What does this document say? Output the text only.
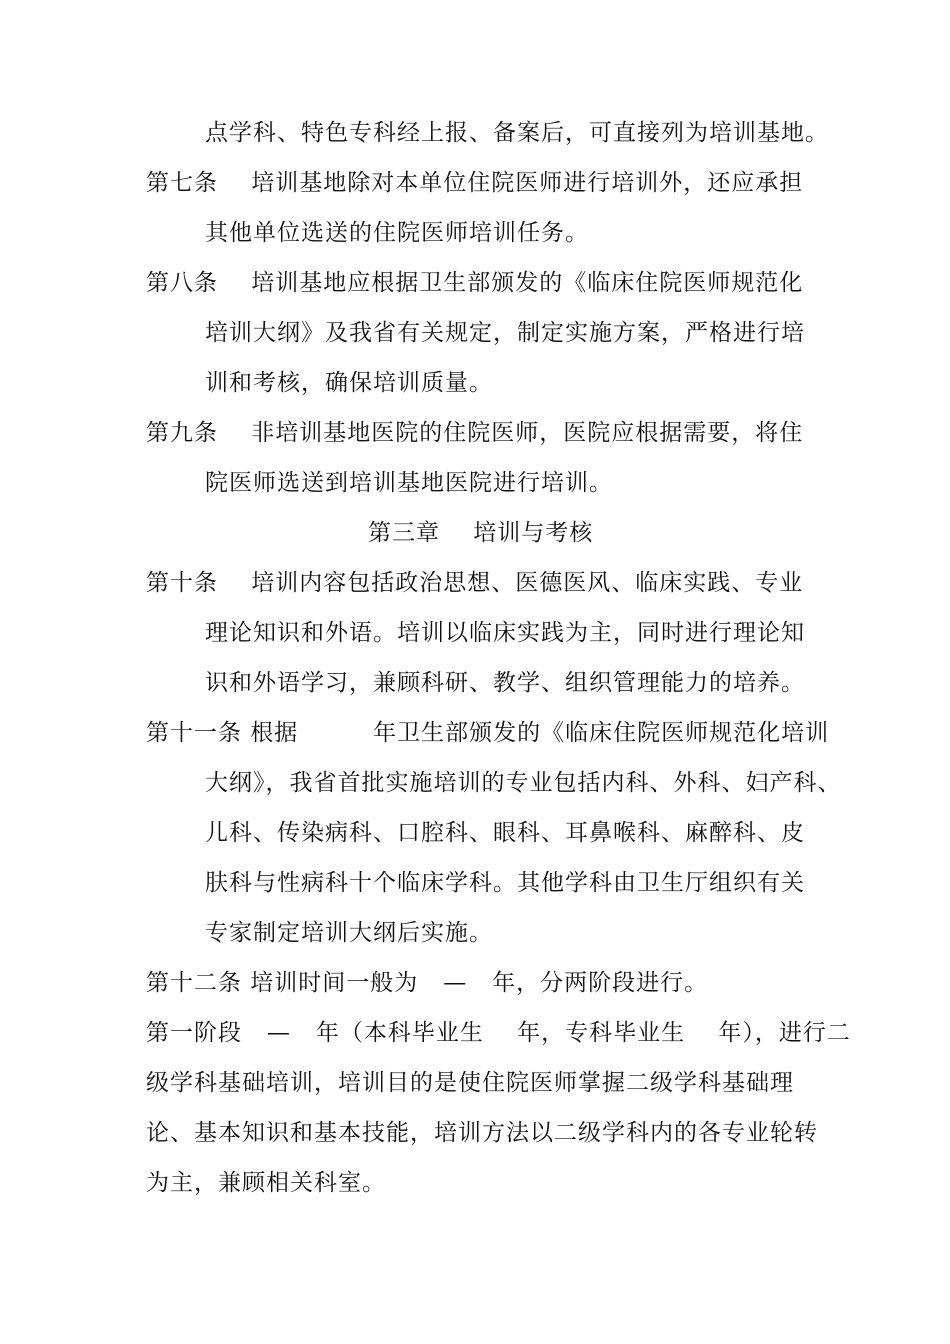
点学科、特色专科经上报、备案后，可直接列为培训基地。
第七条    培训基地除对本单位住院医师进行培训外，还应承担
其他单位选送的住院医师培训任务。
第八条    培训基地应根据卫生部颁发的《临床住院医师规范化
培训大纲》及我省有关规定，制定实施方案，严格进行培
训和考核，确保培训质量。
第九条    非培训基地医院的住院医师，医院应根据需要，将住
院医师选送到培训基地医院进行培训。
第三章    培训与考核
第十条    培训内容包括政治思想、医德医风、临床实践、专业
理论知识和外语。培训以临床实践为主，同时进行理论知
识和外语学习，兼顾科研、教学、组织管理能力的培养。
第十一条 根据         年卫生部颁发的《临床住院医师规范化培训
大纲》，我省首批实施培训的专业包括内科、外科、妇产科、
儿科、传染病科、口腔科、眼科、耳鼻喉科、麻醉科、皮
肤科与性病科十个临床学科。其他学科由卫生厅组织有关
专家制定培训大纲后实施。
第十二条 培训时间一般为   —   年，分两阶段进行。
第一阶段   —   年（本科毕业生    年，专科毕业生    年），进行二
级学科基础培训，培训目的是使住院医师掌握二级学科基础理
论、基本知识和基本技能，培训方法以二级学科内的各专业轮转
为主，兼顾相关科室。
